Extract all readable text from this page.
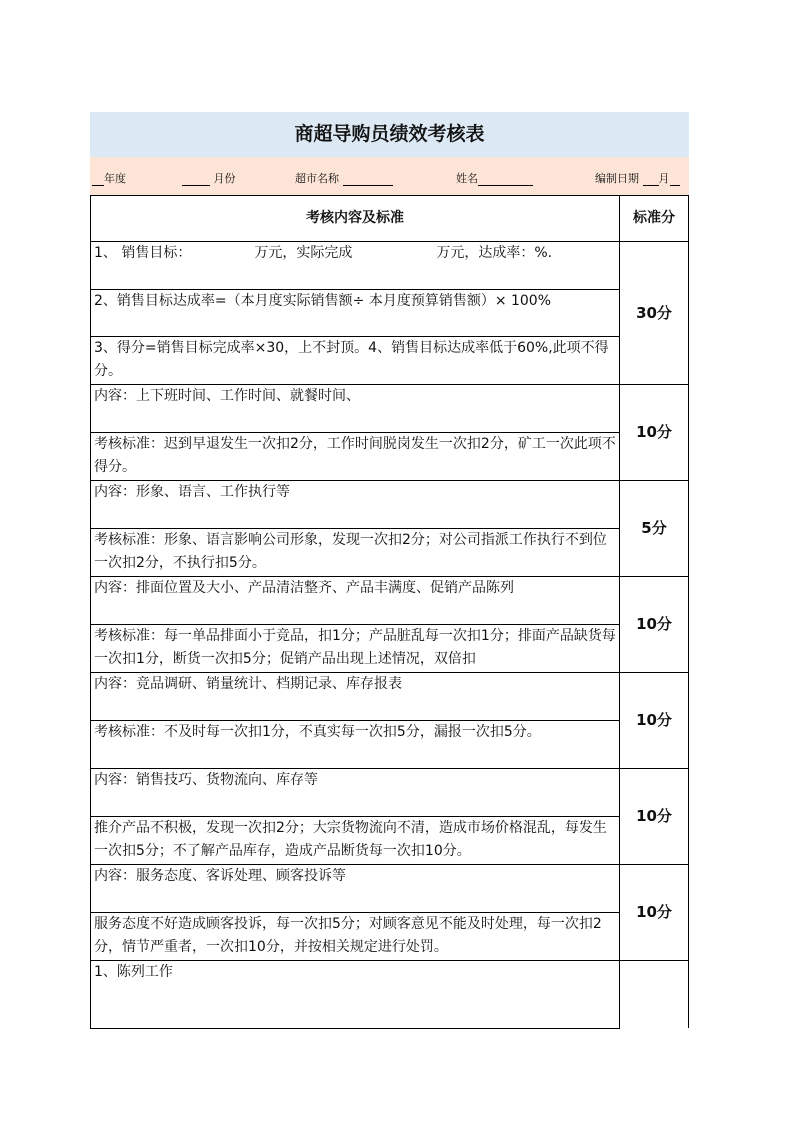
商超导购员绩效考核表
年度	月份	超市名称	姓名	编制日期 月
考核内容及标准	标准分
1、 销售目标：　　　　　万元，实际完成　　　　　　万元，达成率：%.
2、销售目标达成率=（本月度实际销售额÷ 本月度预算销售额）× 100%
3、得分=销售目标完成率×30，上不封顶。4、销售目标达成率低于60%,此项不得分。
30分
内容：上下班时间、工作时间、就餐时间、
考核标准：迟到早退发生一次扣2分，工作时间脱岗发生一次扣2分，矿工一次此项不得分。
10分
内容：形象、语言、工作执行等
考核标准：形象、语言影响公司形象，发现一次扣2分；对公司指派工作执行不到位一次扣2分，不执行扣5分。
5分
内容：排面位置及大小、产品清洁整齐、产品丰满度、促销产品陈列
考核标准：每一单品排面小于竞品，扣1分；产品脏乱每一次扣1分；排面产品缺货每一次扣1分，断货一次扣5分；促销产品出现上述情况，双倍扣
10分
内容：竞品调研、销量统计、档期记录、库存报表
考核标准：不及时每一次扣1分，不真实每一次扣5分，漏报一次扣5分。
10分
内容：销售技巧、货物流向、库存等
推介产品不积极，发现一次扣2分；大宗货物流向不清，造成市场价格混乱，每发生一次扣5分；不了解产品库存，造成产品断货每一次扣10分。
10分
内容：服务态度、客诉处理、顾客投诉等
服务态度不好造成顾客投诉，每一次扣5分；对顾客意见不能及时处理，每一次扣2分，情节严重者，一次扣10分，并按相关规定进行处罚。
10分
1、陈列工作
